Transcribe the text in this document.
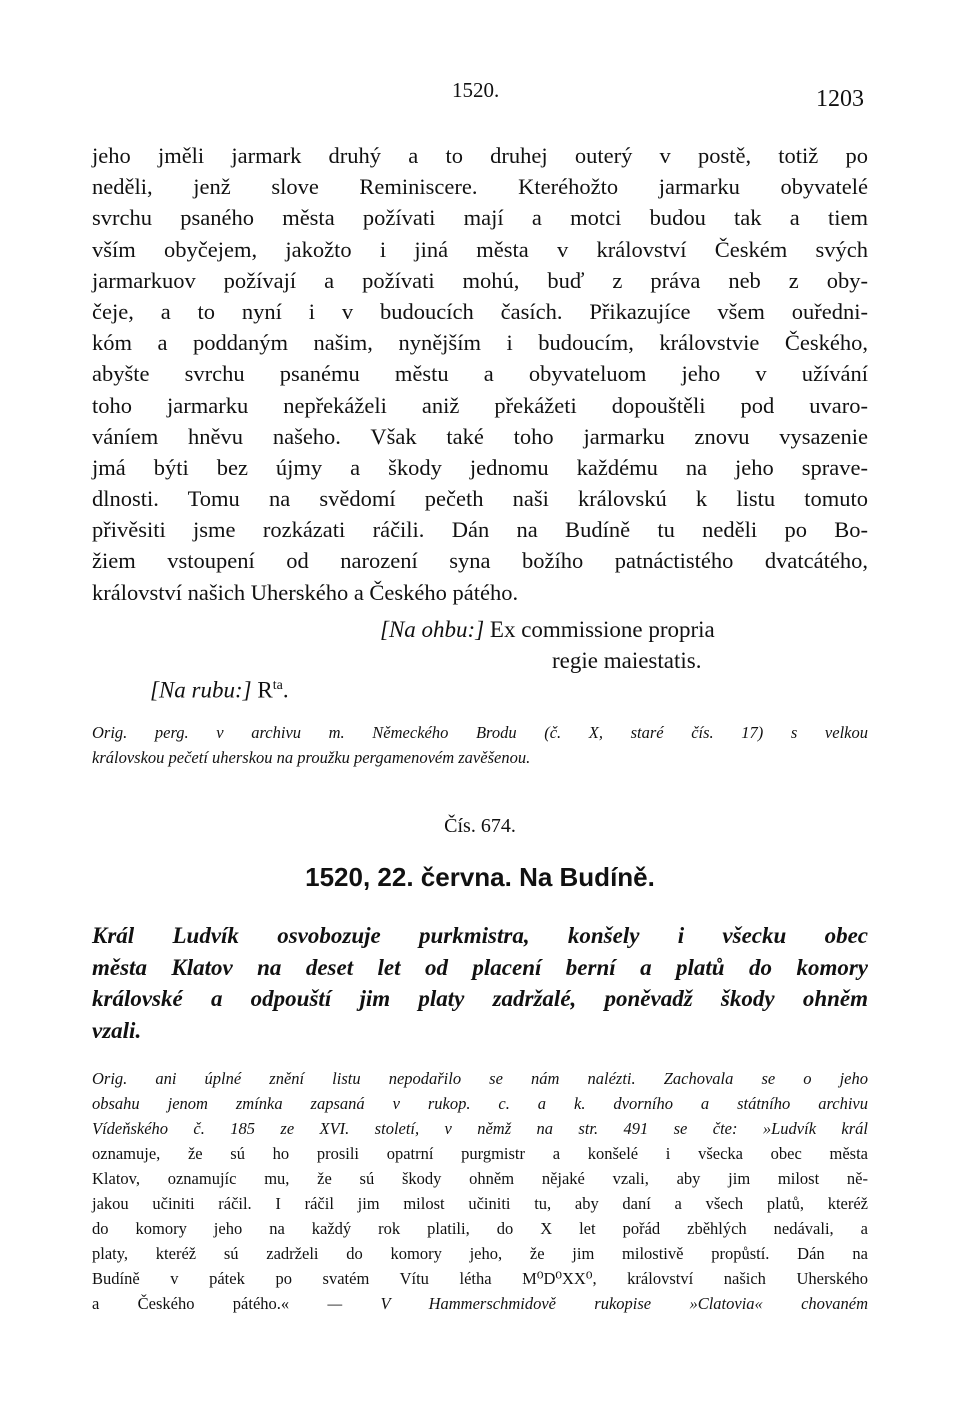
1520.	1203
jeho jměli jarmark druhý a to druhej outerý v postě, totiž po
neděli, jenž slove Reminiscere. Kteréhožto jarmarku obyvatelé
svrchu psaného města požívati mají a motci budou tak a tiem
vším obyčejem, jakožto i jiná města v království Českém svých
jarmarkuov požívají a požívati mohú, buď z práva neb z oby-
čeje, a to nyní i v budoucích časích. Přikazujíce všem ouředni-
kóm a poddaným našim, nynějším i budoucím, královstvie Českého,
abyšte svrchu psanému městu a obyvateluom jeho v užívání
toho jarmarku nepřekáželi aniž překážeti dopouštěli pod uvaro-
váníem hněvu našeho. Však také toho jarmarku znovu vysazenie
jmá býti bez újmy a škody jednomu každému na jeho sprave-
dlnosti. Tomu na svědomí pečeth naši královskú k listu tomuto
přivěsiti jsme rozkázati ráčili. Dán na Budíně tu neděli po Bo-
žiem vstoupení od narození syna božího patnáctistého dvatcátého,
království našich Uherského a Českého pátého.
[Na ohbu:] Ex commissione propria
regie maiestatis.
[Na rubu:] $R^{ta}$.
Orig. perg. v archivu m. Německého Brodu (č. X, staré čís. 17) s velkou
královskou pečetí uherskou na proužku pergamenovém zavěšenou.
Čís. 674.
1520, 22. června. Na Budíně.
Král Ludvík osvobozuje purkmistra, konšely i všecku obec
města Klatov na deset let od placení berní a platů do komory
královské a odpouští jim platy zadržalé, poněvadž škody ohněm
vzali.
Orig. ani úplné znění listu nepodařilo se nám nalézti. Zachovala se o jeho
obsahu jenom zmínka zapsaná v rukop. c. a k. dvorního a státního archivu
Vídeňského č. 185 ze XVI. století, v němž na str. 491 se čte: »Ludvík král
oznamuje, že sú ho prosili opatrní purgmistr a konšelé i všecka obec města
Klatov, oznamujíc mu, že sú škody ohněm nějaké vzali, aby jim milost ně-
jakou učiniti ráčil. I ráčil jim milost učiniti tu, aby daní a všech platů, kteréž
do komory jeho na každý rok platili, do X let pořád zběhlých nedávali, a
platy, kteréž sú zadrželi do komory jeho, že jim milostivě propůstí. Dán na
Budíně v pátek po svatém Vítu létha M⁰D⁰XX⁰, království našich Uherského
a Českého pátého.« — V Hammerschmidově rukopise »Clatovia« chovaném
